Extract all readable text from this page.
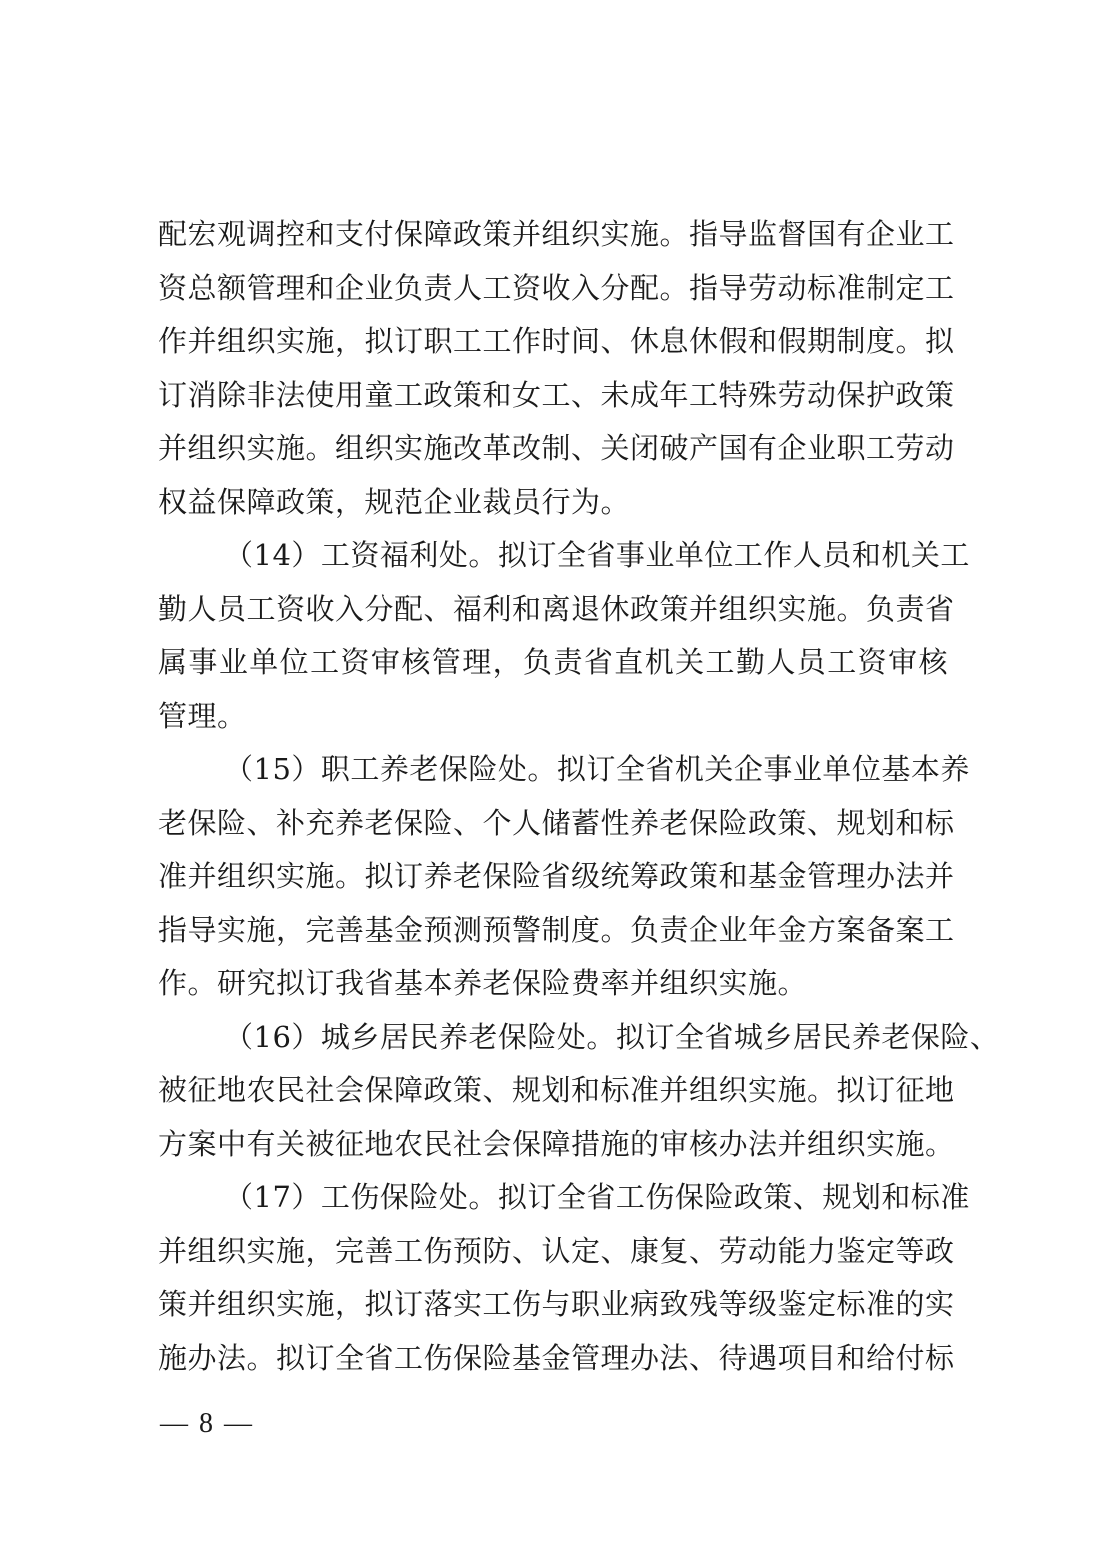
配宏观调控和支付保障政策并组织实施。指导监督国有企业工
资总额管理和企业负责人工资收入分配。指导劳动标准制定工
作并组织实施，拟订职工工作时间、休息休假和假期制度。拟
订消除非法使用童工政策和女工、未成年工特殊劳动保护政策
并组织实施。组织实施改革改制、关闭破产国有企业职工劳动
权益保障政策，规范企业裁员行为。
（14）工资福利处。拟订全省事业单位工作人员和机关工
勤人员工资收入分配、福利和离退休政策并组织实施。负责省
属事业单位工资审核管理，负责省直机关工勤人员工资审核
管理。
（15）职工养老保险处。拟订全省机关企事业单位基本养
老保险、补充养老保险、个人储蓄性养老保险政策、规划和标
准并组织实施。拟订养老保险省级统筹政策和基金管理办法并
指导实施，完善基金预测预警制度。负责企业年金方案备案工
作。研究拟订我省基本养老保险费率并组织实施。
（16）城乡居民养老保险处。拟订全省城乡居民养老保险、
被征地农民社会保障政策、规划和标准并组织实施。拟订征地
方案中有关被征地农民社会保障措施的审核办法并组织实施。
（17）工伤保险处。拟订全省工伤保险政策、规划和标准
并组织实施，完善工伤预防、认定、康复、劳动能力鉴定等政
策并组织实施，拟订落实工伤与职业病致残等级鉴定标准的实
施办法。拟订全省工伤保险基金管理办法、待遇项目和给付标
— 8 —
